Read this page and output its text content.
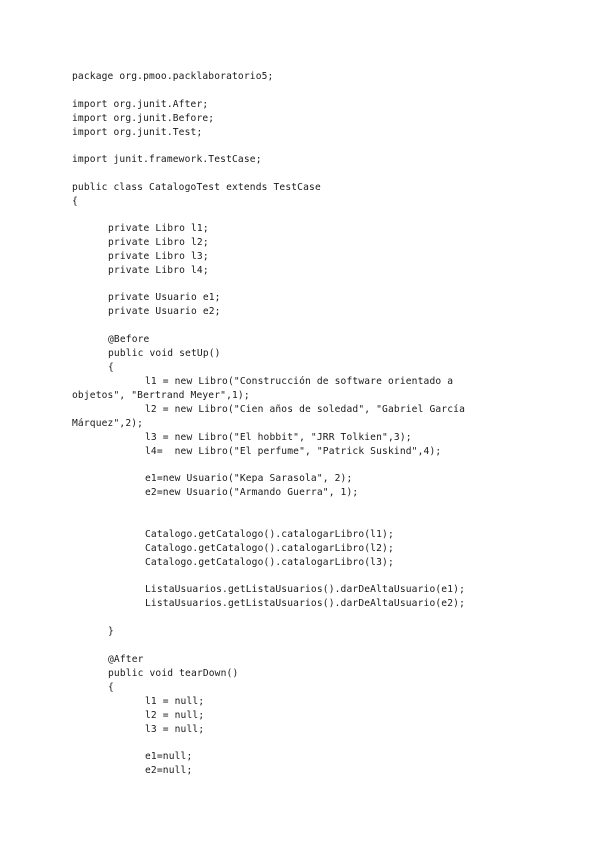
package org.pmoo.packlaboratorio5;
import org.junit.After;
import org.junit.Before;
import org.junit.Test;
import junit.framework.TestCase;
public class CatalogoTest extends TestCase
{
private Libro l1;
private Libro l2;
private Libro l3;
private Libro l4;
private Usuario e1;
private Usuario e2;
@Before
public void setUp()
{
l1 = new Libro("Construcción de software orientado a
objetos", "Bertrand Meyer",1);
l2 = new Libro("Cien años de soledad", "Gabriel García
Márquez",2);
l3 = new Libro("El hobbit", "JRR Tolkien",3);
l4=  new Libro("El perfume", "Patrick Suskind",4);
e1=new Usuario("Kepa Sarasola", 2);
e2=new Usuario("Armando Guerra", 1);
Catalogo.getCatalogo().catalogarLibro(l1);
Catalogo.getCatalogo().catalogarLibro(l2);
Catalogo.getCatalogo().catalogarLibro(l3);
ListaUsuarios.getListaUsuarios().darDeAltaUsuario(e1);
ListaUsuarios.getListaUsuarios().darDeAltaUsuario(e2);
}
@After
public void tearDown()
{
l1 = null;
l2 = null;
l3 = null;
e1=null;
e2=null;
